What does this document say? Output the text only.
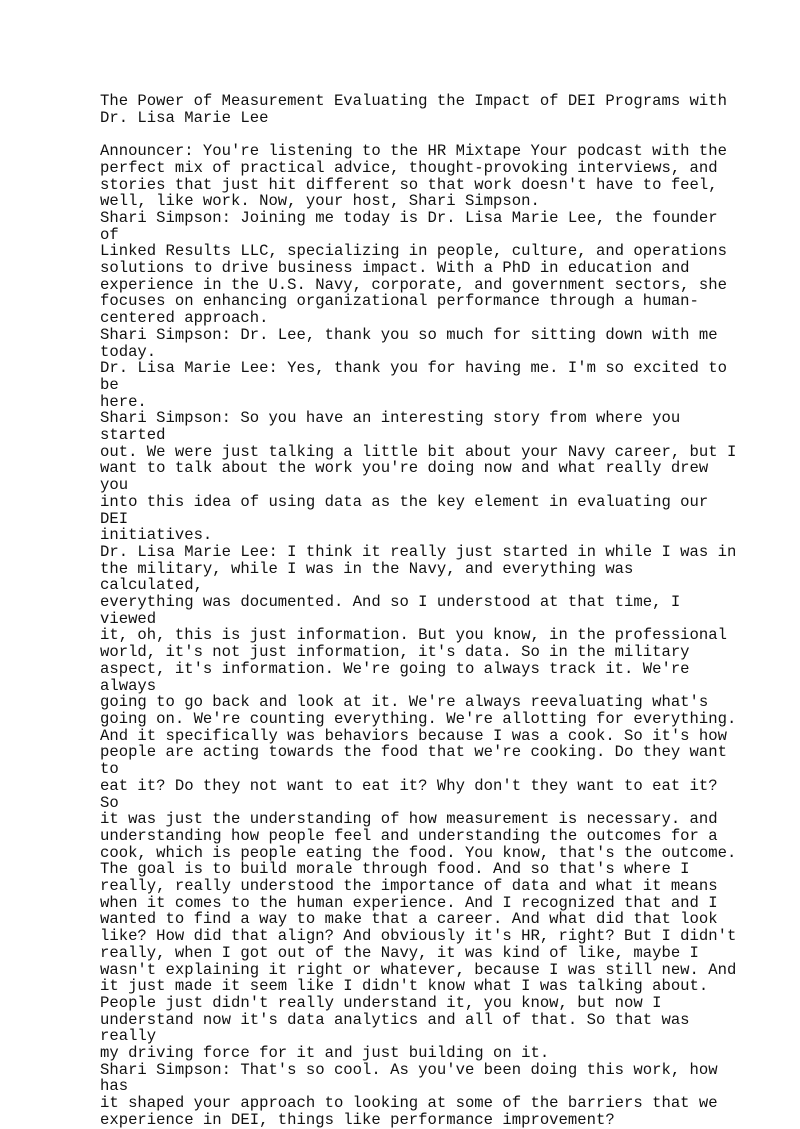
The Power of Measurement Evaluating the Impact of DEI Programs with
Dr. Lisa Marie Lee

Announcer: You're listening to the HR Mixtape Your podcast with the
perfect mix of practical advice, thought-provoking interviews, and
stories that just hit different so that work doesn't have to feel,
well, like work. Now, your host, Shari Simpson.

Shari Simpson: Joining me today is Dr. Lisa Marie Lee, the founder of
Linked Results LLC, specializing in people, culture, and operations
solutions to drive business impact. With a PhD in education and
experience in the U.S. Navy, corporate, and government sectors, she
focuses on enhancing organizational performance through a human-
centered approach.

Shari Simpson: Dr. Lee, thank you so much for sitting down with me
today.

Dr. Lisa Marie Lee: Yes, thank you for having me. I'm so excited to be
here.

Shari Simpson: So you have an interesting story from where you started
out. We were just talking a little bit about your Navy career, but I
want to talk about the work you're doing now and what really drew you
into this idea of using data as the key element in evaluating our DEI
initiatives.

Dr. Lisa Marie Lee: I think it really just started in while I was in
the military, while I was in the Navy, and everything was calculated,
everything was documented. And so I understood at that time, I viewed
it, oh, this is just information. But you know, in the professional
world, it's not just information, it's data. So in the military
aspect, it's information. We're going to always track it. We're always
going to go back and look at it. We're always reevaluating what's
going on. We're counting everything. We're allotting for everything.
And it specifically was behaviors because I was a cook. So it's how
people are acting towards the food that we're cooking. Do they want to
eat it? Do they not want to eat it? Why don't they want to eat it? So
it was just the understanding of how measurement is necessary. and
understanding how people feel and understanding the outcomes for a
cook, which is people eating the food. You know, that's the outcome.
The goal is to build morale through food. And so that's where I
really, really understood the importance of data and what it means
when it comes to the human experience. And I recognized that and I
wanted to find a way to make that a career. And what did that look
like? How did that align? And obviously it's HR, right? But I didn't
really, when I got out of the Navy, it was kind of like, maybe I
wasn't explaining it right or whatever, because I was still new. And
it just made it seem like I didn't know what I was talking about.
People just didn't really understand it, you know, but now I
understand now it's data analytics and all of that. So that was really
my driving force for it and just building on it.

Shari Simpson: That's so cool. As you've been doing this work, how has
it shaped your approach to looking at some of the barriers that we
experience in DEI, things like performance improvement?
